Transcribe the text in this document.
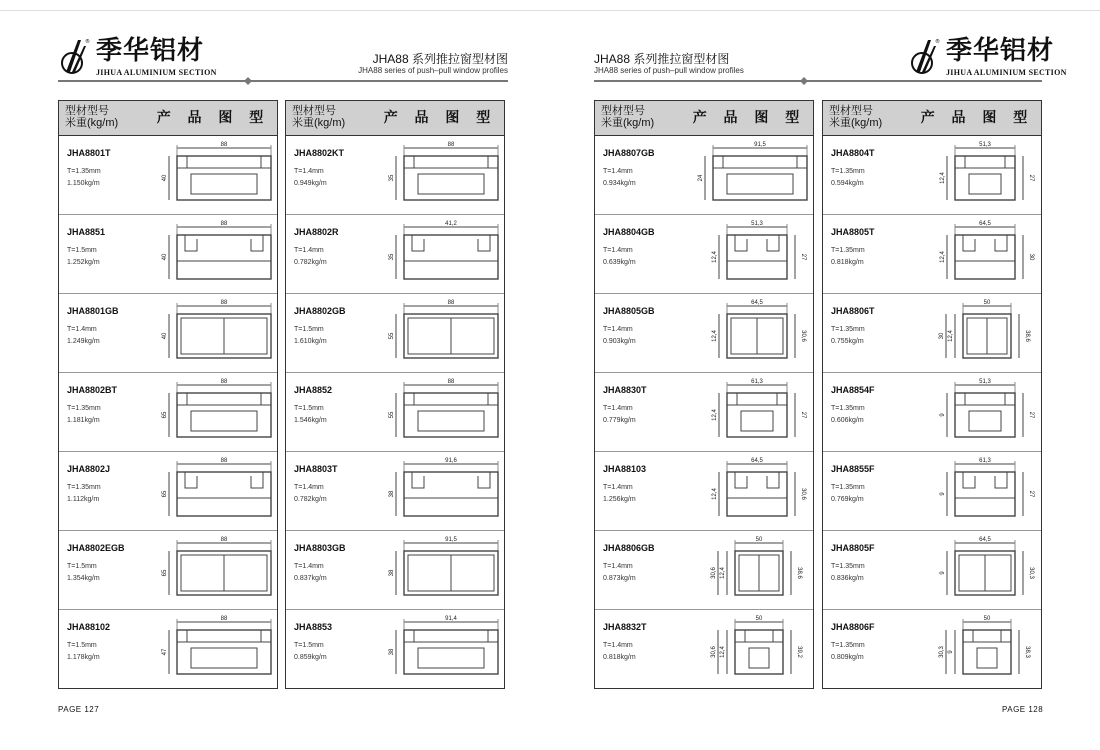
® 季华铝材
JIHUA ALUMINIUM SECTION
JHA88 系列推拉窗型材图
JHA88 series of push–pull window profiles
型材型号
米重(kg/m)	产 品 图 型
JHA8801T
T=1.35mm
1.150kg/m
88
40
JHA8851
T=1.5mm
1.252kg/m
88
40
JHA8801GB
T=1.4mm
1.249kg/m
88
40
JHA8802BT
T=1.35mm
1.181kg/m
88
65
JHA8802J
T=1.35mm
1.112kg/m
88
65
JHA8802EGB
T=1.5mm
1.354kg/m
88
65
JHA88102
T=1.5mm
1.178kg/m
88
47
型材型号
米重(kg/m)	产 品 图 型
JHA8802KT
T=1.4mm
0.949kg/m
88
35
JHA8802R
T=1.4mm
0.782kg/m
41,2
35
JHA8802GB
T=1.5mm
1.610kg/m
88
55
JHA8852
T=1.5mm
1.546kg/m
88
55
JHA8803T
T=1.4mm
0.782kg/m
91,6
38
JHA8803GB
T=1.4mm
0.837kg/m
91,5
38
JHA8853
T=1.5mm
0.859kg/m
91,4
38
PAGE 127
JHA88 系列推拉窗型材图
JHA88 series of push–pull window profiles
® 季华铝材
JIHUA ALUMINIUM SECTION
型材型号
米重(kg/m)	产 品 图 型
JHA8807GB
T=1.4mm
0.934kg/m
91,5
24
JHA8804GB
T=1.4mm
0.639kg/m
51,3
12,4	27
JHA8805GB
T=1.4mm
0.903kg/m
64,5
12,4	30,6
JHA8830T
T=1.4mm
0.779kg/m
61,3
12,4	27
JHA88103
T=1.4mm
1.256kg/m
64,5
12,4	30,6
JHA8806GB
T=1.4mm
0.873kg/m
50
30,6 12,4	38,6
JHA8832T
T=1.4mm
0.818kg/m
50
30,6 12,4	39,2
型材型号
米重(kg/m)	产 品 图 型
JHA8804T
T=1.35mm
0.594kg/m
51,3
12,4	27
JHA8805T
T=1.35mm
0.818kg/m
64,5
12,4	30
JHA8806T
T=1.35mm
0.755kg/m
50
30 12,4	38,6
JHA8854F
T=1.35mm
0.606kg/m
51,3
9	27
JHA8855F
T=1.35mm
0.769kg/m
61,3
9	27
JHA8805F
T=1.35mm
0.836kg/m
64,5
9	30,3
JHA8806F
T=1.35mm
0.809kg/m
50
30,3 9	38,3
PAGE 128
